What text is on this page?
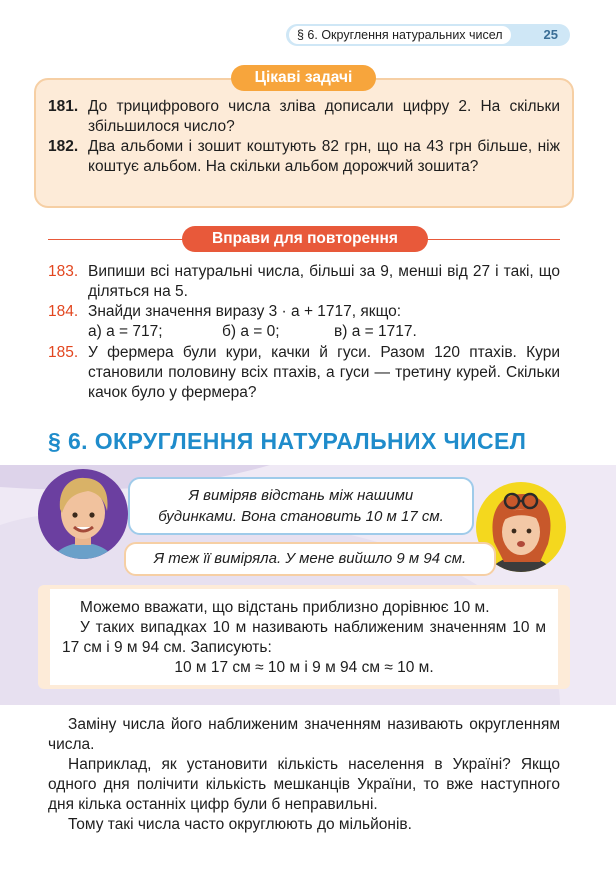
§ 6. Округлення натуральних чисел	25
Цікаві задачі
181. До трицифрового числа зліва дописали цифру 2. На скільки збільшилося число?
182. Два альбоми і зошит коштують 82 грн, що на 43 грн більше, ніж коштує альбом. На скільки альбом дорожчий зошита?
Вправи для повторення
183. Випиши всі натуральні числа, більші за 9, менші від 27 і такі, що діляться на 5.
184. Знайди значення виразу 3 · a + 1717, якщо:
а) a = 717;	б) a = 0;	в) a = 1717.
185. У фермера були кури, качки й гуси. Разом 120 птахів. Кури становили половину всіх птахів, а гуси — третину курей. Скільки качок було у фермера?
§ 6. ОКРУГЛЕННЯ НАТУРАЛЬНИХ ЧИСЕЛ
Я виміряв відстань між нашими
будинками. Вона становить 10 м 17 см.
Я теж її виміряла. У мене вийшло 9 м 94 см.

Можемо вважати, що відстань приблизно дорівнює 10 м.

У таких випадках 10 м називають наближеним значенням 10 м 17 см і 9 м 94 см. Записують:

10 м 17 см ≈ 10 м і 9 м 94 см ≈ 10 м.

Заміну числа його наближеним значенням називають округленням числа.

Наприклад, як установити кількість населення в Україні? Якщо одного дня полічити кількість мешканців України, то вже наступного дня кілька останніх цифр були б неправильні.

Тому такі числа часто округлюють до мільйонів.
